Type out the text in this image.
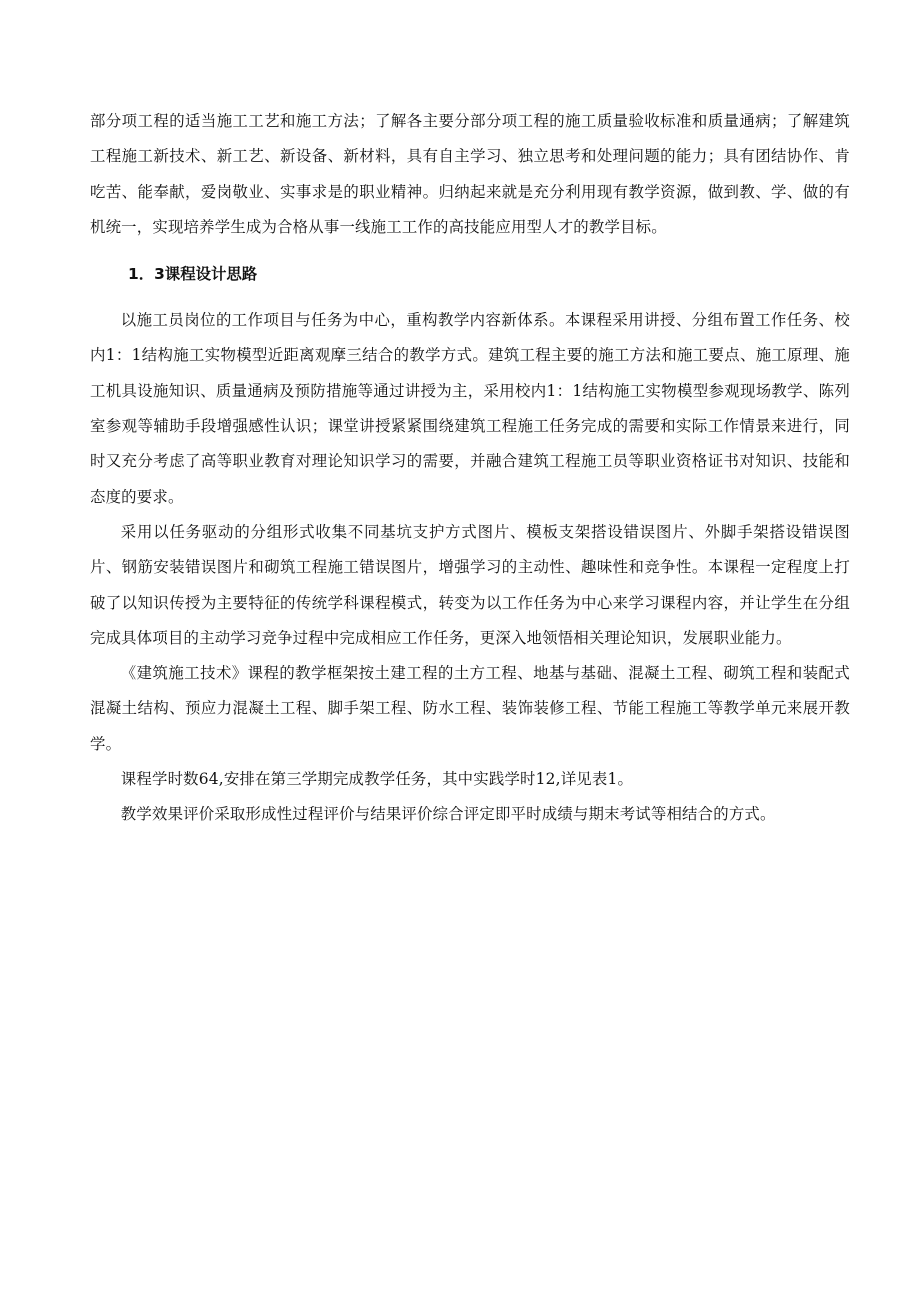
部分项工程的适当施工工艺和施工方法；了解各主要分部分项工程的施工质量验收标准和质量通病；了解建筑工程施工新技术、新工艺、新设备、新材料，具有自主学习、独立思考和处理问题的能力；具有团结协作、肯吃苦、能奉献，爱岗敬业、实事求是的职业精神。归纳起来就是充分利用现有教学资源，做到教、学、做的有机统一，实现培养学生成为合格从事一线施工工作的高技能应用型人才的教学目标。

1．3课程设计思路

以施工员岗位的工作项目与任务为中心，重构教学内容新体系。本课程采用讲授、分组布置工作任务、校内1：1结构施工实物模型近距离观摩三结合的教学方式。建筑工程主要的施工方法和施工要点、施工原理、施工机具设施知识、质量通病及预防措施等通过讲授为主，采用校内1：1结构施工实物模型参观现场教学、陈列室参观等辅助手段增强感性认识；课堂讲授紧紧围绕建筑工程施工任务完成的需要和实际工作情景来进行，同时又充分考虑了高等职业教育对理论知识学习的需要，并融合建筑工程施工员等职业资格证书对知识、技能和态度的要求。

采用以任务驱动的分组形式收集不同基坑支护方式图片、模板支架搭设错误图片、外脚手架搭设错误图片、钢筋安装错误图片和砌筑工程施工错误图片，增强学习的主动性、趣味性和竞争性。本课程一定程度上打破了以知识传授为主要特征的传统学科课程模式，转变为以工作任务为中心来学习课程内容，并让学生在分组完成具体项目的主动学习竞争过程中完成相应工作任务，更深入地领悟相关理论知识，发展职业能力。

《建筑施工技术》课程的教学框架按土建工程的土方工程、地基与基础、混凝土工程、砌筑工程和装配式混凝土结构、预应力混凝土工程、脚手架工程、防水工程、装饰装修工程、节能工程施工等教学单元来展开教学。

课程学时数64,安排在第三学期完成教学任务，其中实践学时12,详见表1。

教学效果评价采取形成性过程评价与结果评价综合评定即平时成绩与期末考试等相结合的方式。
